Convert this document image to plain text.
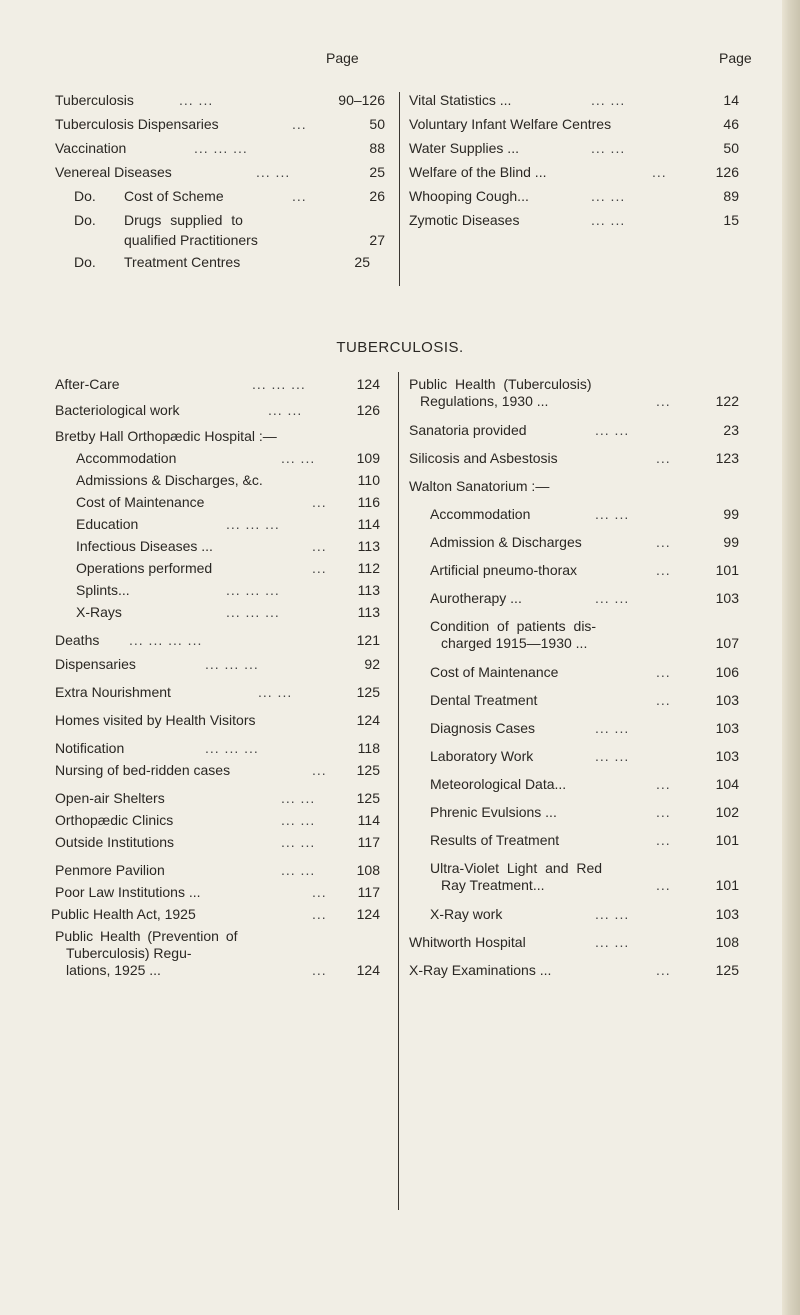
Page	Page
Tuberculosis	... ...	90–126
Tuberculosis Dispensaries	...	50
Vaccination	... ... ...	88
Venereal Diseases	... ...	25
Do. Cost of Scheme	...	26
Do. Drugs supplied to
qualified Practitioners	27
Do. Treatment Centres	25
Vital Statistics ...	... ...	14
Voluntary Infant Welfare Centres	46
Water Supplies ...	... ...	50
Welfare of the Blind ...	...	126
Whooping Cough...	... ...	89
Zymotic Diseases	... ...	15
TUBERCULOSIS.
After-Care	... ... ...	124
Bacteriological work	... ...	126
Bretby Hall Orthopædic Hospital :—
Accommodation	... ...	109
Admissions & Discharges, &c.	110
Cost of Maintenance	... 116
Education	... ... ...	114
Infectious Diseases ...	... 113
Operations performed	... 112
Splints...	... ... ...	113
X-Rays	... ... ...	113
Deaths ... ... ... ...	121
Dispensaries	... ... ...	92
Extra Nourishment	... ...	125
Homes visited by Health Visitors	124
Notification	... ... ...	118
Nursing of bed-ridden cases	... 125
Open-air Shelters	... ...	125
Orthopædic Clinics	... ...	114
Outside Institutions	... ...	117
Penmore Pavilion	... ...	108
Poor Law Institutions ...	... 117
Public Health Act, 1925	... 124
Public Health (Prevention of
Tuberculosis) Regu-
lations, 1925 ...	... 124
Public Health (Tuberculosis)
Regulations, 1930 ...	...	122
Sanatoria provided	... ...	23
Silicosis and Asbestosis	...	123
Walton Sanatorium :—
Accommodation	... ...	99
Admission & Discharges	...	99
Artificial pneumo-thorax	...	101
Aurotherapy ...	... ...	103
Condition of patients dis-
charged 1915—1930 ...	107
Cost of Maintenance	...	106
Dental Treatment	...	103
Diagnosis Cases	... ...	103
Laboratory Work	... ...	103
Meteorological Data...	...	104
Phrenic Evulsions ...	...	102
Results of Treatment	...	101
Ultra-Violet Light and Red
Ray Treatment...	...	101
X-Ray work	... ...	103
Whitworth Hospital	... ...	108
X-Ray Examinations ...	...	125
